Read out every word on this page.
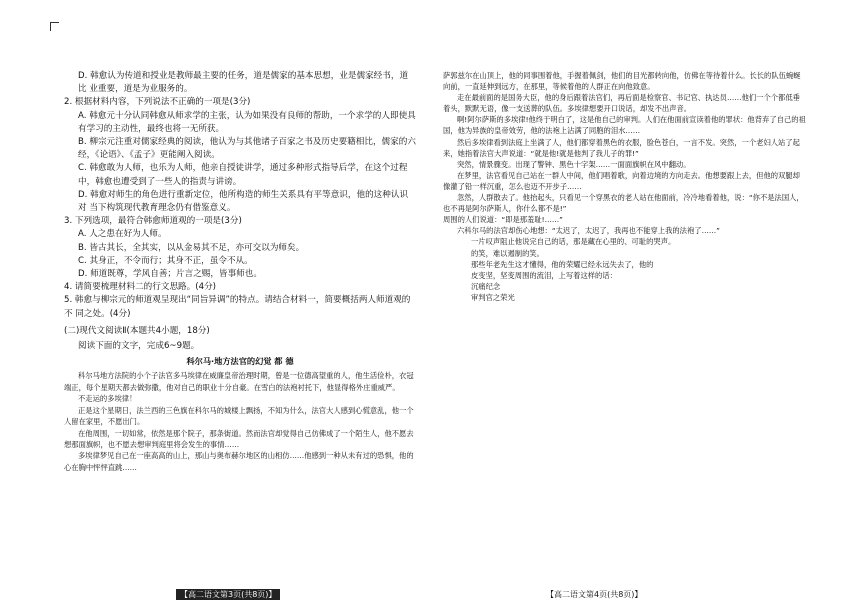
D. 韩愈认为传道和授业是教师最主要的任务，道是儒家的基本思想，业是儒家经书，道比 业重要，道是为业服务的。
2. 根据材料内容，下列说法不正确的一项是(3分)
A. 韩愈元十分认同韩愈从师求学的主张，认为如果没有良师的帮助，一个求学的人即使具 有学习的主动性，最终也将一无所获。
B. 柳宗元注重对儒家经典的阅读，他认为与其他诸子百家之书及历史要籍相比，儒家的六 经，《论语》、《孟子》更能阐入阅读。
C. 韩愈敢为人师，也乐为人师，他亲自授徒讲学，通过多种形式指导后学，在这个过程 中，韩愈也遭受到了一些人的指责与讲谤。
D. 韩愈对师生的角色进行重新定位，他所构造的师生关系具有平等意识，他的这种认识对 当下构筑现代教育理念仍有借鉴意义。
3. 下列选项，最符合韩愈师道观的一项是(3分)
A. 人之患在好为人师。
B. 皆古其长，全其实，以从金易其不足，亦可交以为师矣。
C. 其身正，不令而行；其身不正，虽令不从。
D. 师道既尊，学风自善；片言之赐，皆事师也。
4. 请简要梳理材料二的行文思路。(4分)
5. 韩愈与柳宗元的师道观呈现出“同旨异调”的特点。请结合材料一，简要概括两人师道观的不 同之处。(4分)
(二)现代文阅读Ⅱ(本题共4小题，18分)
阅读下面的文字，完成6~9题。
科尔马·地方法官的幻觉 都 德

科尔马地方法院的小个子法官多马埃律在威廉皇帝治理时期，曾是一位德高望重的人，他生活俭朴，衣冠端正，每个星期天都去做弥撒，他对自己的职业十分自豪。在雪白的法袍衬托下，他显得格外庄重威严。

不走运的多埃律！

正是这个星期日，法兰西的三色旗在科尔马的城楼上飘扬，不知为什么，法官大人感到心慌意乱，他一个人留在家里，不愿出门。

在他周围，一切如常，依然是那个院子，那条街道。然而法官却觉得自己仿佛成了一个陌生人，他不愿去想那面旗帜，也不愿去想审判庭里将会发生的事情……

多埃律梦见自己在一座高高的山上，那山与奥布赫尔地区的山相仿……他感到一种从未有过的恐惧，他的心在胸中怦怦直跳……

萨郭兹尔在山顶上，他的同事围着他，手握着佩剑，他们的目光都转向他，仿佛在等待着什么。长长的队伍蜿蜒向前，一直延伸到远方，在那里，等候着他的人群正在向他致意。

走在最前面的是国务大臣，他的身后跟着法官们，再后面是检察官、书记官、执达员……他们一个个都低垂着头，默默无语，像一支送葬的队伍。多埃律想要开口说话，却发不出声音。

啊!阿尔萨斯的多埃律!他终于明白了，这是他自己的审判。人们在他面前宣读着他的罪状：他背弃了自己的祖国，他为异族的皇帝效劳，他的法袍上沾满了同胞的泪水……

然后多埃律看到法庭上坐满了人，他们都穿着黑色的衣服，脸色苍白，一言不发。突然，一个老妇人站了起来，她指着法官大声说道：“就是他!就是他判了我儿子的罪!”

突然，情景骤变。出现了警钟、黑色十字架……一面面旗帜在风中翻动。

在梦里，法官看见自己站在一群人中间，他们唱着歌，向着边境的方向走去。他想要跟上去，但他的双腿却像灌了铅一样沉重，怎么也迈不开步子……

忽然，人群散去了。他抬起头，只看见一个穿黑衣的老人站在他面前，冷冷地看着他，说：“你不是法国人，也不再是阿尔萨斯人，你什么都不是!”

周围的人们说道：“即是那羞耻!……”

六科尔马的法官却伤心地想：“太迟了，太迟了，我再也不能穿上我的法袍了……”

一片叹声阻止他说完自己的话，那是藏在心里的、可耻的哭声。

的笑，难以遏制的笑。

那些年老先生这才懂得，他的荣耀已经永远失去了，他的

皮变坚，坚变周围的流泪，上写着这样的话：

沉痛纪念

审判官之荣光

【高二语文第3页(共8页)】	【高二语文第4页(共8页)】
